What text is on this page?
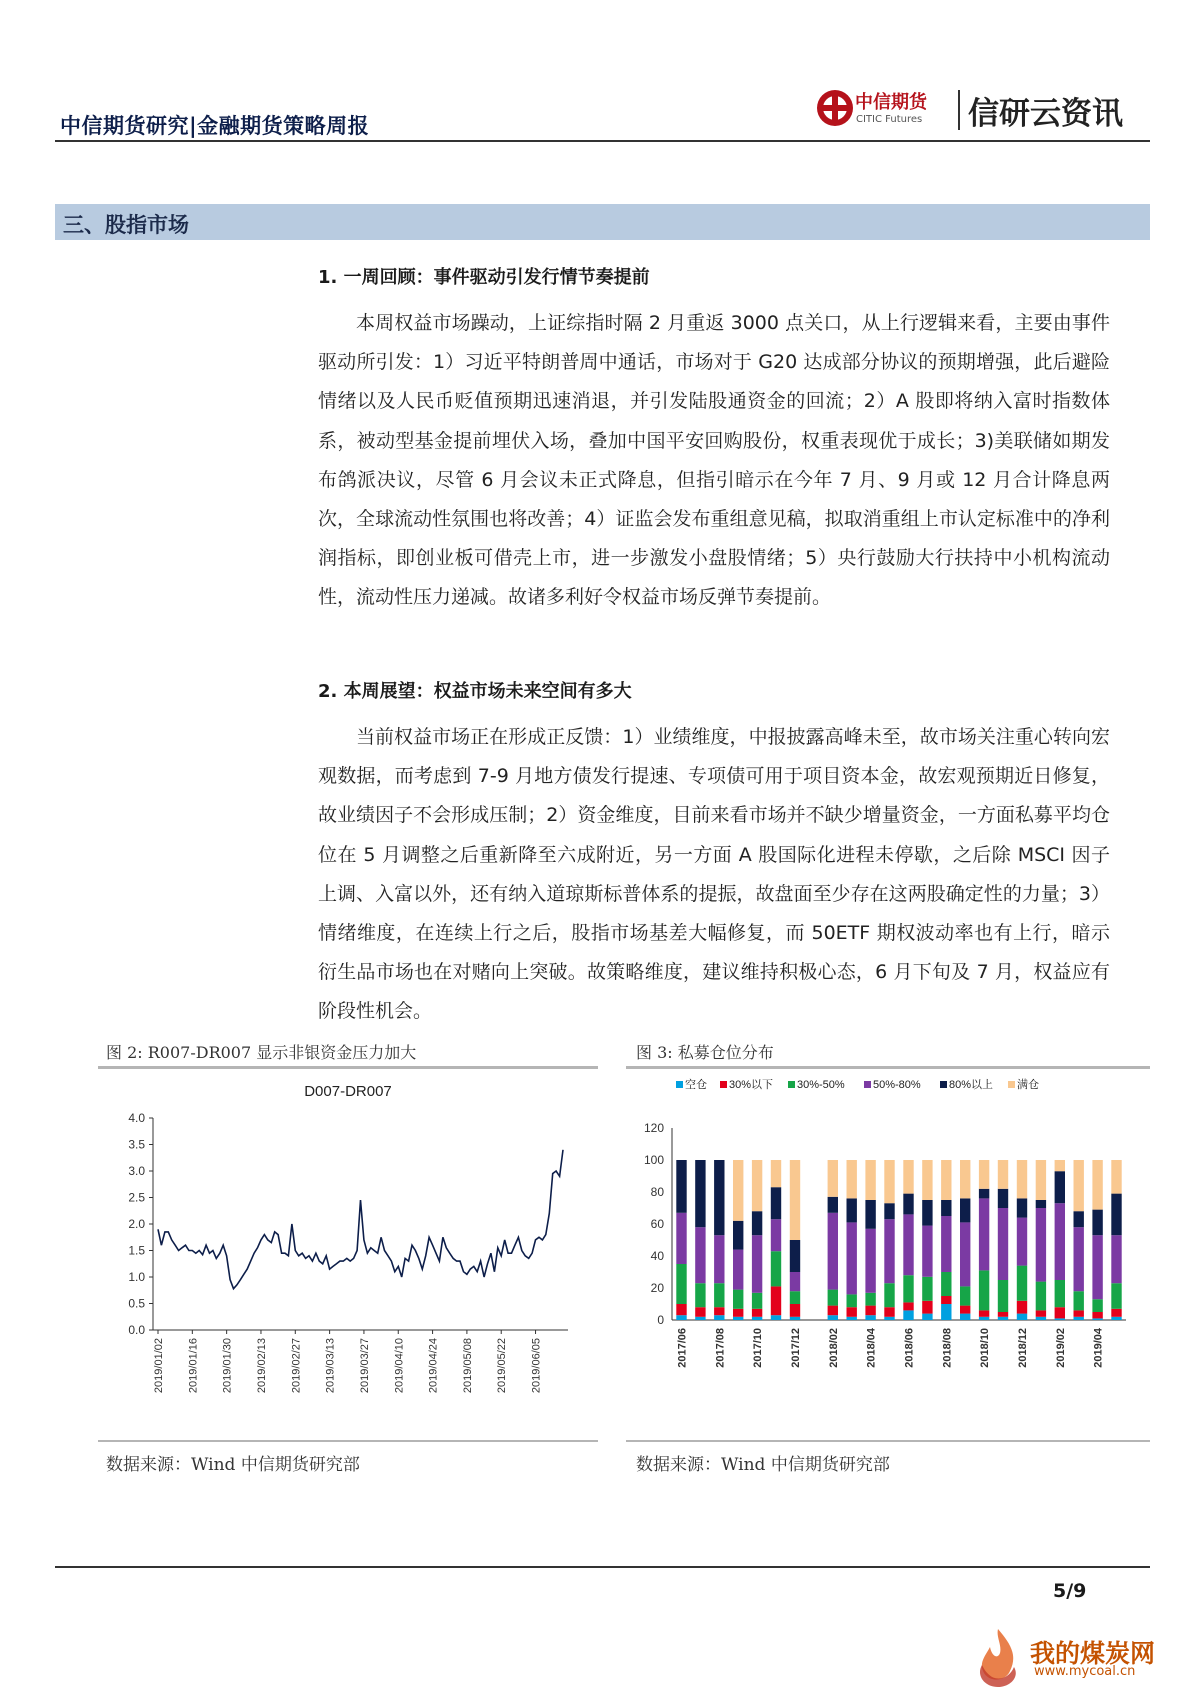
中信期货研究|金融期货策略周报
中信期货
CITIC Futures 信研云资讯
三、股指市场
1. 一周回顾：事件驱动引发行情节奏提前
本周权益市场躁动，上证综指时隔 2 月重返 3000 点关口，从上行逻辑来看，主要由事件驱动所引发：1）习近平特朗普周中通话，市场对于 G20 达成部分协议的预期增强，此后避险情绪以及人民币贬值预期迅速消退，并引发陆股通资金的回流；2）A 股即将纳入富时指数体系，被动型基金提前埋伏入场，叠加中国平安回购股份，权重表现优于成长；3)美联储如期发布鸽派决议，尽管 6 月会议未正式降息，但指引暗示在今年 7 月、9 月或 12 月合计降息两次，全球流动性氛围也将改善；4）证监会发布重组意见稿，拟取消重组上市认定标准中的净利润指标，即创业板可借壳上市，进一步激发小盘股情绪；5）央行鼓励大行扶持中小机构流动性，流动性压力递减。故诸多利好令权益市场反弹节奏提前。
2. 本周展望：权益市场未来空间有多大
当前权益市场正在形成正反馈：1）业绩维度，中报披露高峰未至，故市场关注重心转向宏观数据，而考虑到 7-9 月地方债发行提速、专项债可用于项目资本金，故宏观预期近日修复，故业绩因子不会形成压制；2）资金维度，目前来看市场并不缺少增量资金，一方面私募平均仓位在 5 月调整之后重新降至六成附近，另一方面 A 股国际化进程未停歇，之后除 MSCI 因子上调、入富以外，还有纳入道琼斯标普体系的提振，故盘面至少存在这两股确定性的力量；3）情绪维度，在连续上行之后，股指市场基差大幅修复，而 50ETF 期权波动率也有上行，暗示衍生品市场也在对赌向上突破。故策略维度，建议维持积极心态，6 月下旬及 7 月，权益应有阶段性机会。
图 2: R007-DR007 显示非银资金压力加大
D007-DR007
0.0
0.5
1.0
1.5
2.0
2.5
3.0
3.5
4.0
2019/01/02 2019/01/16 2019/01/30 2019/02/13 2019/02/27 2019/03/13 2019/03/27 2019/04/10 2019/04/24 2019/05/08 2019/05/22 2019/06/05
数据来源：Wind 中信期货研究部
图 3: 私募仓位分布
空仓 30%以下 30%-50%	50%-80%	80%以上 满仓
0
20
40
60
80
100
120
2017/06 2017/08 2017/10 2017/12 2018/02 2018/04 2018/06 2018/08 2018/10 2018/12 2019/02 2019/04
数据来源：Wind 中信期货研究部
5/9
我的煤炭网
www.mycoal.cn
